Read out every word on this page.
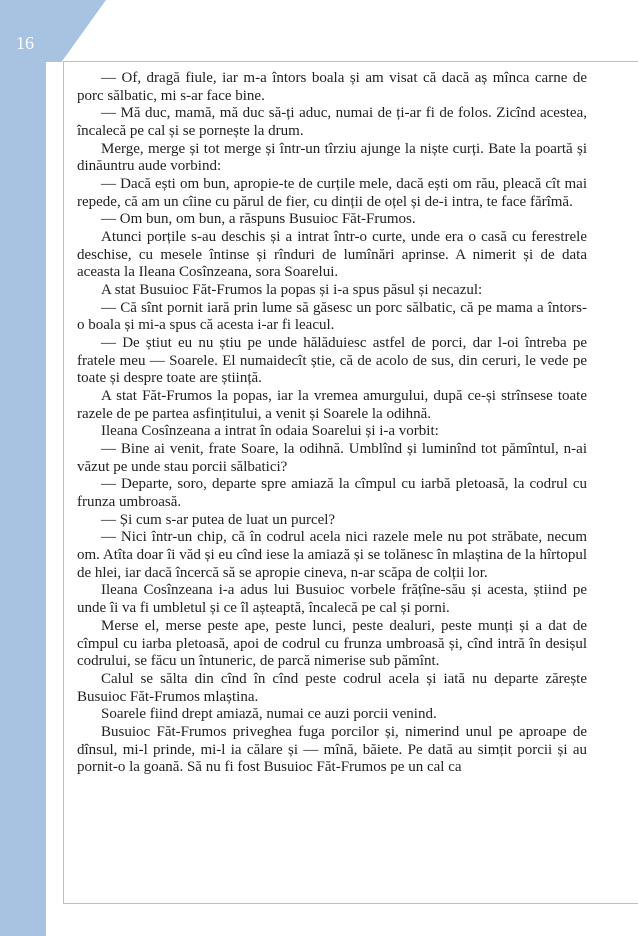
16

— Of, dragă fiule, iar m-a întors boala și am visat că dacă aș mînca carne de porc sălbatic, mi s-ar face bine.

— Mă duc, mamă, mă duc să-ți aduc, numai de ți-ar fi de folos. Zicînd acestea, încalecă pe cal și se pornește la drum.

Merge, merge și tot merge și într-un tîrziu ajunge la niște curți. Bate la poartă și dinăuntru aude vorbind:

— Dacă ești om bun, apropie-te de curțile mele, dacă ești om rău, pleacă cît mai repede, că am un cîine cu părul de fier, cu dinții de oțel și de-i intra, te face fărîmă.

— Om bun, om bun, a răspuns Busuioc Făt-Frumos.

Atunci porțile s-au deschis și a intrat într-o curte, unde era o casă cu ferestrele deschise, cu mesele întinse și rînduri de lumînări aprinse. A nimerit și de data aceasta la Ileana Cosînzeana, sora Soarelui.

A stat Busuioc Făt-Frumos la popas și i-a spus păsul și necazul:

— Că sînt pornit iară prin lume să găsesc un porc sălbatic, că pe mama a întors-o boala și mi-a spus că acesta i-ar fi leacul.

— De știut eu nu știu pe unde hălăduiesc astfel de porci, dar l-oi întreba pe fratele meu — Soarele. El numaidecît știe, că de acolo de sus, din ceruri, le vede pe toate și despre toate are știință.

A stat Făt-Frumos la popas, iar la vremea amurgului, după ce-și strînsese toate razele de pe partea asfințitului, a venit și Soarele la odihnă.

Ileana Cosînzeana a intrat în odaia Soarelui și i-a vorbit:

— Bine ai venit, frate Soare, la odihnă. Umblînd și luminînd tot pămîntul, n-ai văzut pe unde stau porcii sălbatici?

— Departe, soro, departe spre amiază la cîmpul cu iarbă pletoasă, la codrul cu frunza umbroasă.

— Și cum s-ar putea de luat un purcel?

— Nici într-un chip, că în codrul acela nici razele mele nu pot străbate, necum om. Atîta doar îi văd și eu cînd iese la amiază și se tolănesc în mlaștina de la hîrtopul de hlei, iar dacă încercă să se apropie cineva, n-ar scăpa de colții lor.

Ileana Cosînzeana i-a adus lui Busuioc vorbele frățîne-său și acesta, știind pe unde îi va fi umbletul și ce îl așteaptă, încalecă pe cal și porni.

Merse el, merse peste ape, peste lunci, peste dealuri, peste munți și a dat de cîmpul cu iarba pletoasă, apoi de codrul cu frunza umbroasă și, cînd intră în desișul codrului, se făcu un întuneric, de parcă nimerise sub pămînt.

Calul se sălta din cînd în cînd peste codrul acela și iată nu departe zărește Busuioc Făt-Frumos mlaștina.

Soarele fiind drept amiază, numai ce auzi porcii venind.

Busuioc Făt-Frumos priveghea fuga porcilor și, nimerind unul pe aproape de dînsul, mi-l prinde, mi-l ia călare și — mînă, băiete. Pe dată au simțit porcii și au pornit-o la goană. Să nu fi fost Busuioc Făt-Frumos pe un cal ca
